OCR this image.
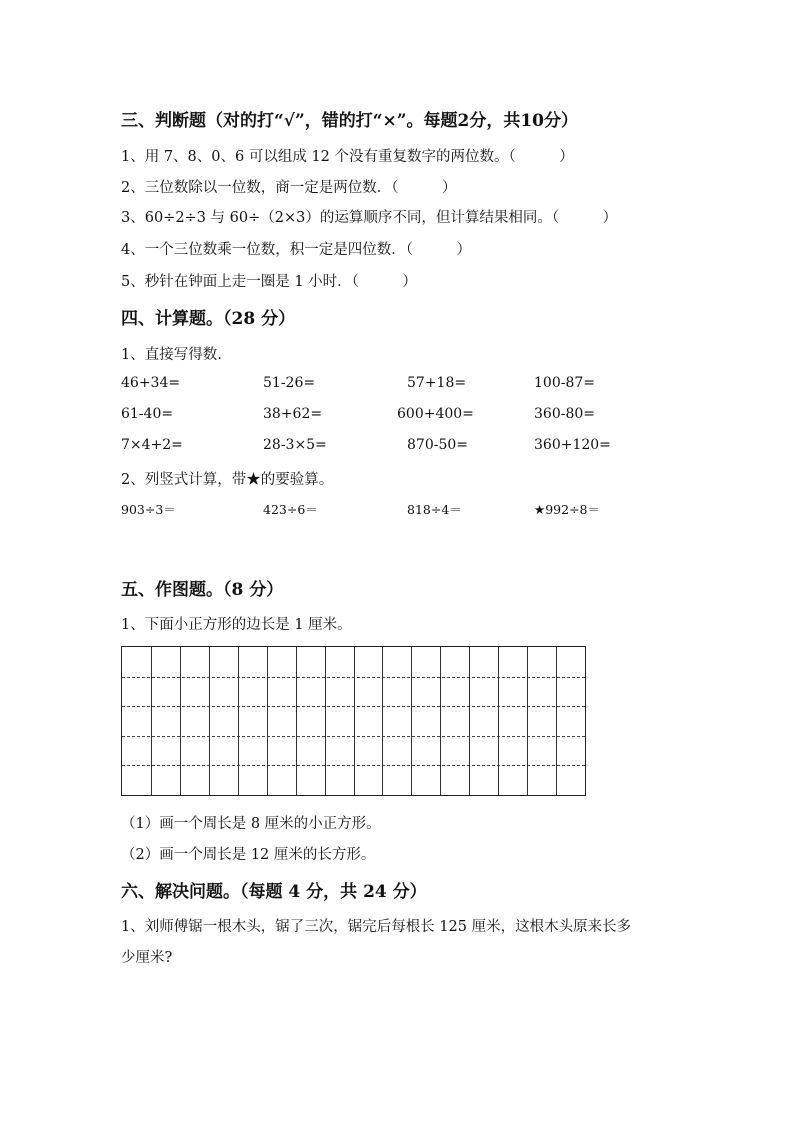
三、判断题（对的打“√”，错的打“×”。每题2分，共10分）
1、用 7、8、0、6 可以组成 12 个没有重复数字的两位数。（　　　）
2、三位数除以一位数，商一定是两位数．（　　　）
3、60÷2÷3 与 60÷（2×3）的运算顺序不同，但计算结果相同。（　　　）
4、一个三位数乘一位数，积一定是四位数．（　　　）
5、秒针在钟面上走一圈是 1 小时．（　　　）
四、计算题。（28 分）
1、直接写得数.
46+34=	51-26=	57+18=	100-87=
61-40=	38+62=	600+400=	360-80=
7×4+2=	28-3×5=	870-50=	360+120=
2、列竖式计算，带★的要验算。
903÷3＝	423÷6＝	818÷4＝	★992÷8＝
五、作图题。（8 分）
1、下面小正方形的边长是 1 厘米。
（1）画一个周长是 8 厘米的小正方形。
（2）画一个周长是 12 厘米的长方形。
六、解决问题。（每题 4 分，共 24 分）
1、刘师傅锯一根木头，锯了三次，锯完后每根长 125 厘米，这根木头原来长多
少厘米?
